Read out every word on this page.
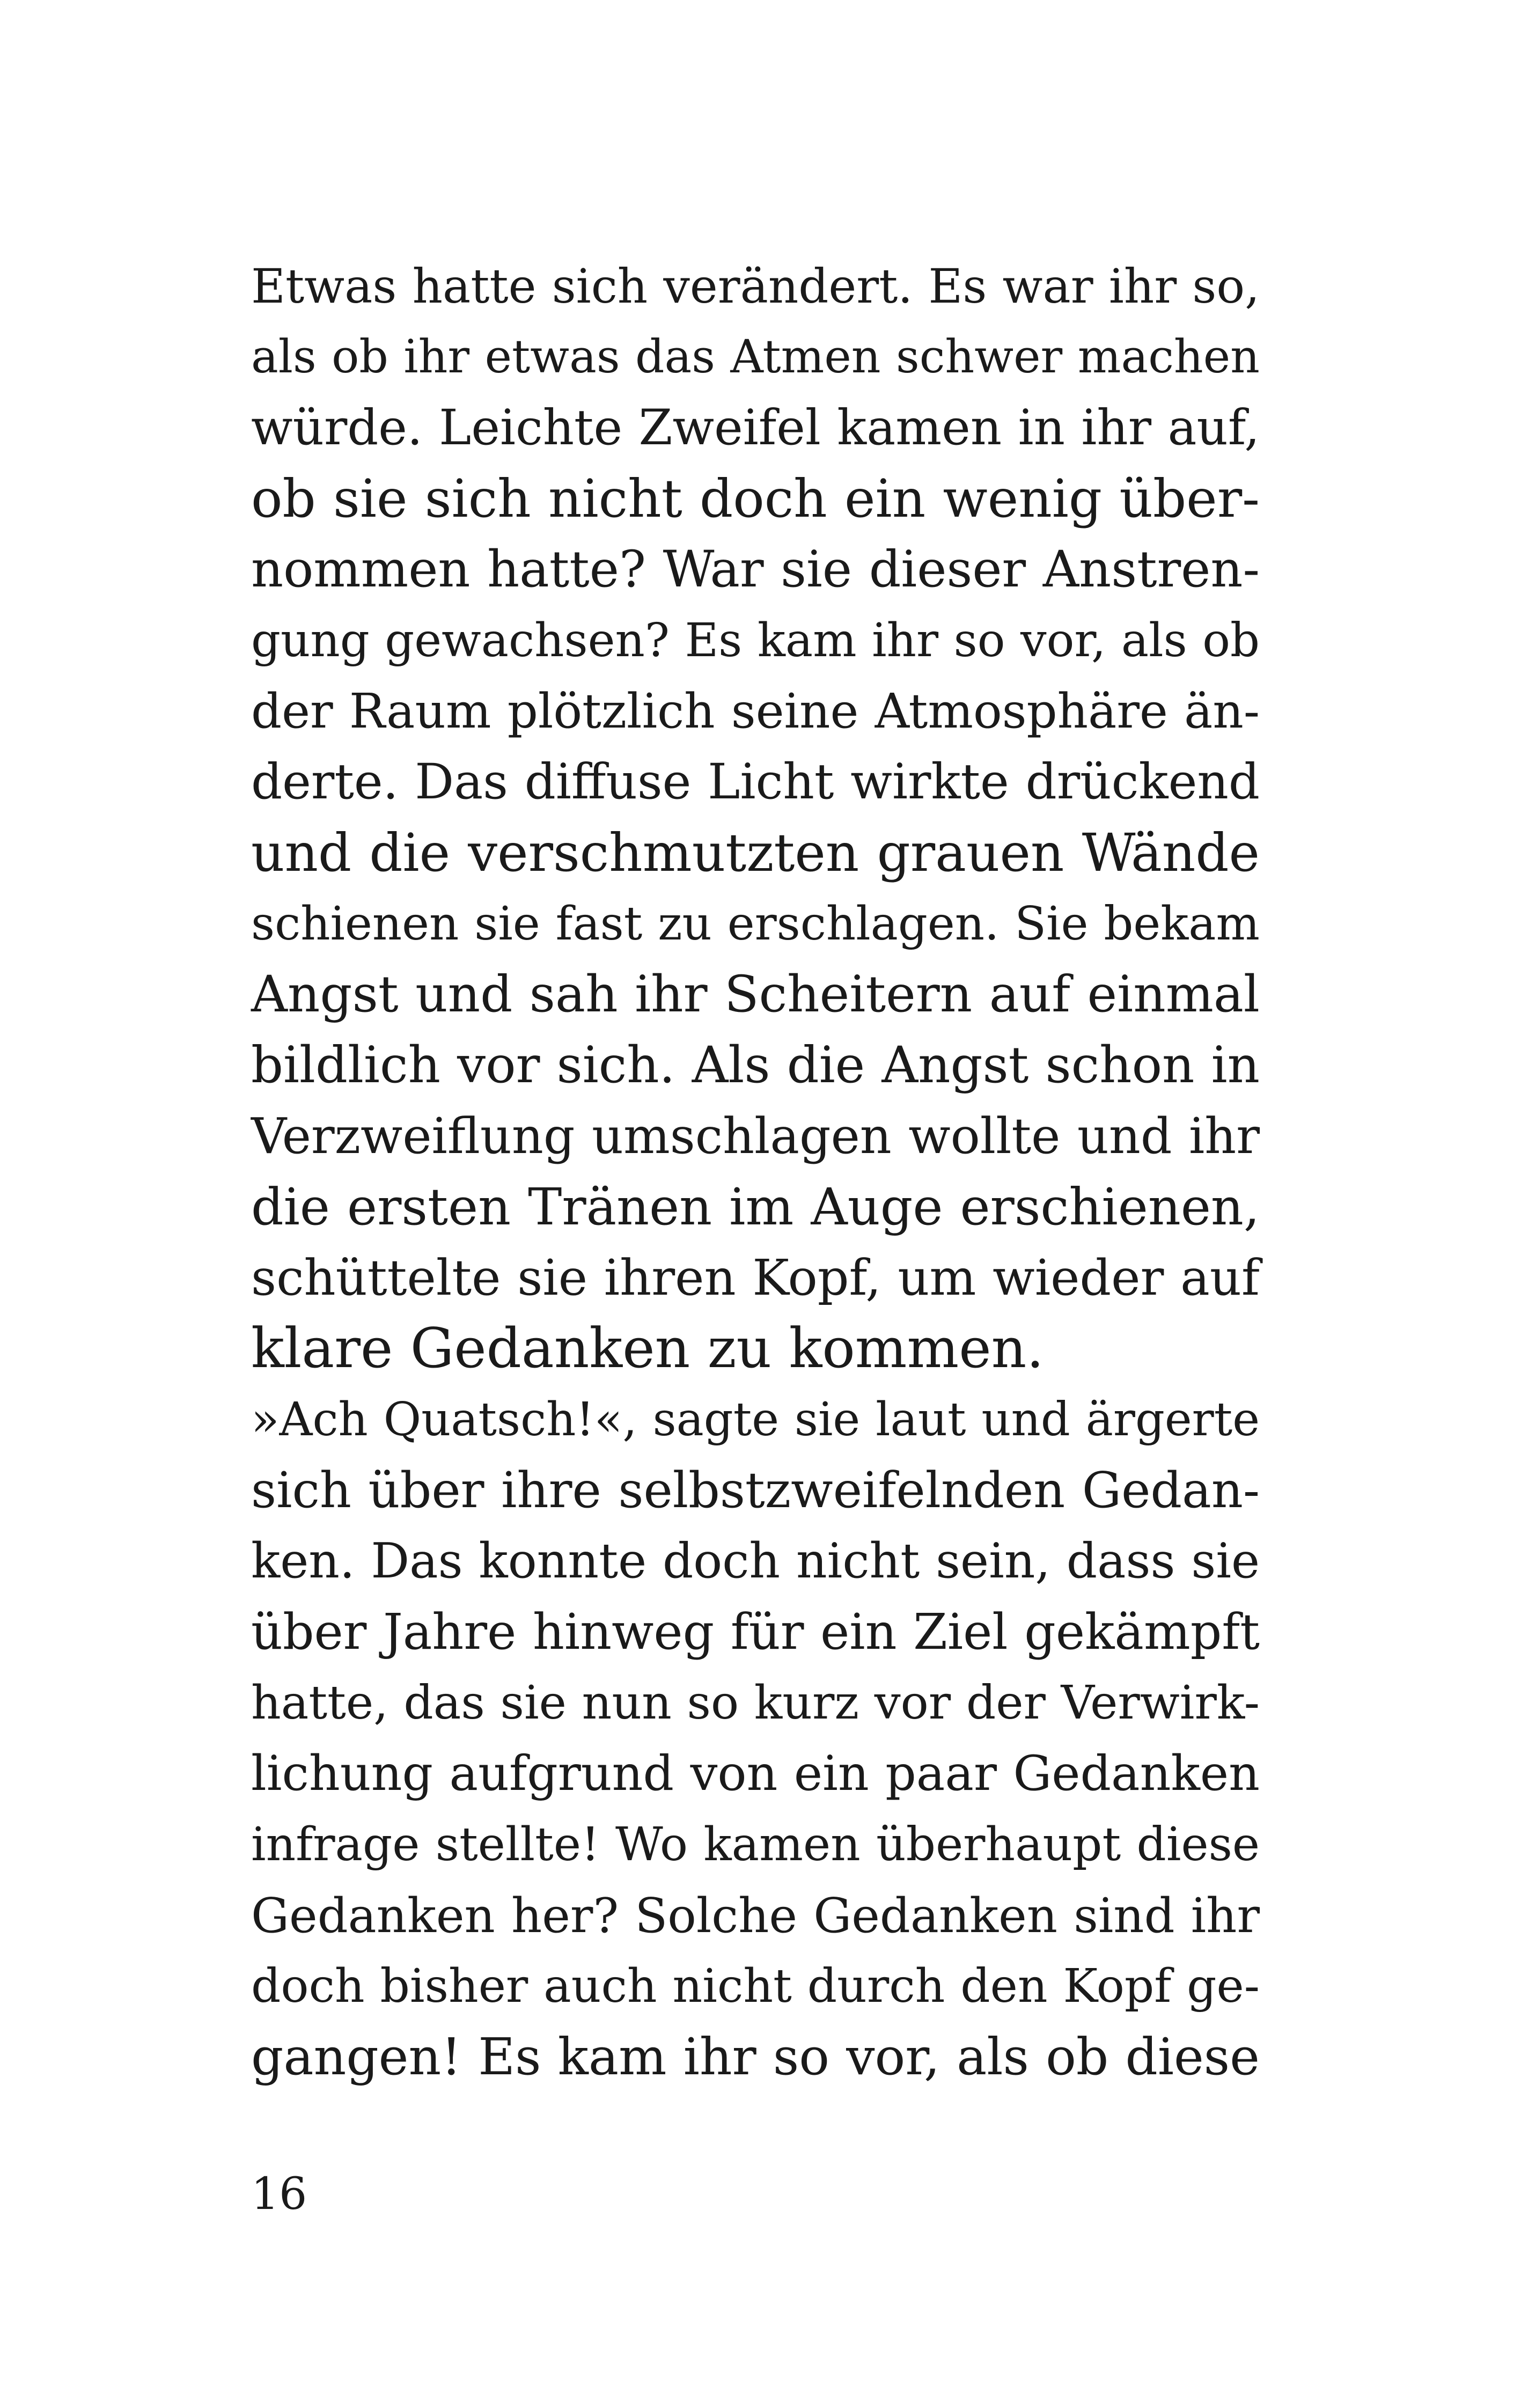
Etwas hatte sich verändert. Es war ihr so,
als ob ihr etwas das Atmen schwer machen
würde. Leichte Zweifel kamen in ihr auf,
ob sie sich nicht doch ein wenig über-
nommen hatte? War sie dieser Anstren-
gung gewachsen? Es kam ihr so vor, als ob
der Raum plötzlich seine Atmosphäre än-
derte. Das diffuse Licht wirkte drückend
und die verschmutzten grauen Wände
schienen sie fast zu erschlagen. Sie bekam
Angst und sah ihr Scheitern auf einmal
bildlich vor sich. Als die Angst schon in
Verzweiflung umschlagen wollte und ihr
die ersten Tränen im Auge erschienen,
schüttelte sie ihren Kopf, um wieder auf
klare Gedanken zu kommen.
»Ach Quatsch!«, sagte sie laut und ärgerte
sich über ihre selbstzweifelnden Gedan-
ken. Das konnte doch nicht sein, dass sie
über Jahre hinweg für ein Ziel gekämpft
hatte, das sie nun so kurz vor der Verwirk-
lichung aufgrund von ein paar Gedanken
infrage stellte! Wo kamen überhaupt diese
Gedanken her? Solche Gedanken sind ihr
doch bisher auch nicht durch den Kopf ge-
gangen! Es kam ihr so vor, als ob diese
16
